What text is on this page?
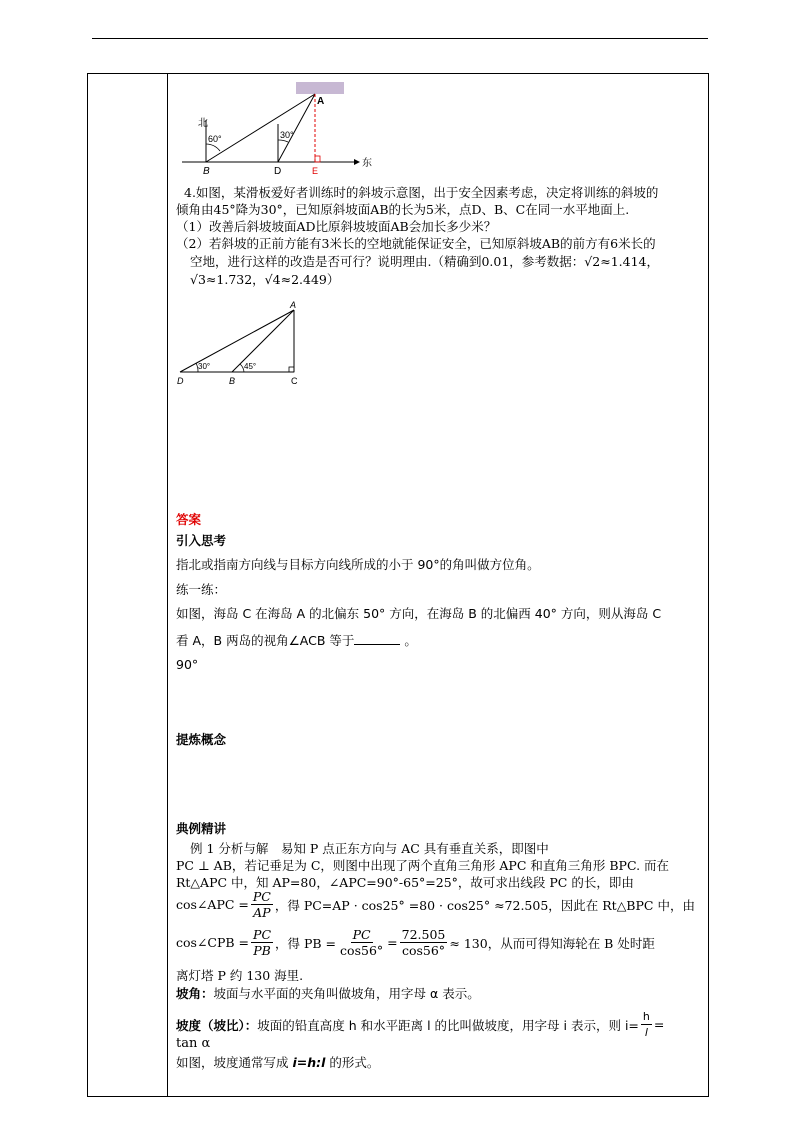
北
东
A
B	D	E
60°	30°
4.如图，某滑板爱好者训练时的斜坡示意图，出于安全因素考虑，决定将训练的斜坡的
倾角由45°降为30°，已知原斜坡面AB的长为5米，点D、B、C在同一水平地面上.
（1）改善后斜坡坡面AD比原斜坡坡面AB会加长多少米？
（2）若斜坡的正前方能有3米长的空地就能保证安全，已知原斜坡AB的前方有6米长的
空地，进行这样的改造是否可行？说明理由.（精确到0.01，参考数据：√2≈1.414，
√3≈1.732，√4≈2.449）
A
B	C
D
30°	45°
答案
引入思考
指北或指南方向线与目标方向线所成的小于 90°的角叫做方位角。
练一练：
如图，海岛 C 在海岛 A 的北偏东 50° 方向，在海岛 B 的北偏西 40° 方向，则从海岛 C
看 A，B 两岛的视角∠ACB 等于	。
90°
提炼概念
典例精讲
例 1 分析与解　易知 P 点正东方向与 AC 具有垂直关系，即图中
PC ⊥ AB，若记垂足为 C，则图中出现了两个直角三角形 APC 和直角三角形 BPC. 而在
Rt△APC 中，知 AP=80，∠APC=90°-65°=25°，故可求出线段 PC 的长，即由
cos∠APC = $\frac{PC}{AP}$ ，得 PC=AP · cos25° =80 · cos25° ≈72.505，因此在 Rt△BPC 中，由
cos∠CPB = $\frac{PC}{PB}$ ，得 PB = $\frac{PC}{\cos 56^\circ} = \frac{72.505}{\cos 56^\circ} \approx 130$，从而可得知海轮在 B 处时距
离灯塔 P 约 130 海里.
坡角：坡面与水平面的夹角叫做坡角，用字母 α 表示。
坡度（坡比）： 坡面的铅直高度 h 和水平距离 l 的比叫做坡度，用字母 i 表示，则 $i= \frac{h}{l}$ =
tan α
如图，坡度通常写成 i=h:l 的形式。
